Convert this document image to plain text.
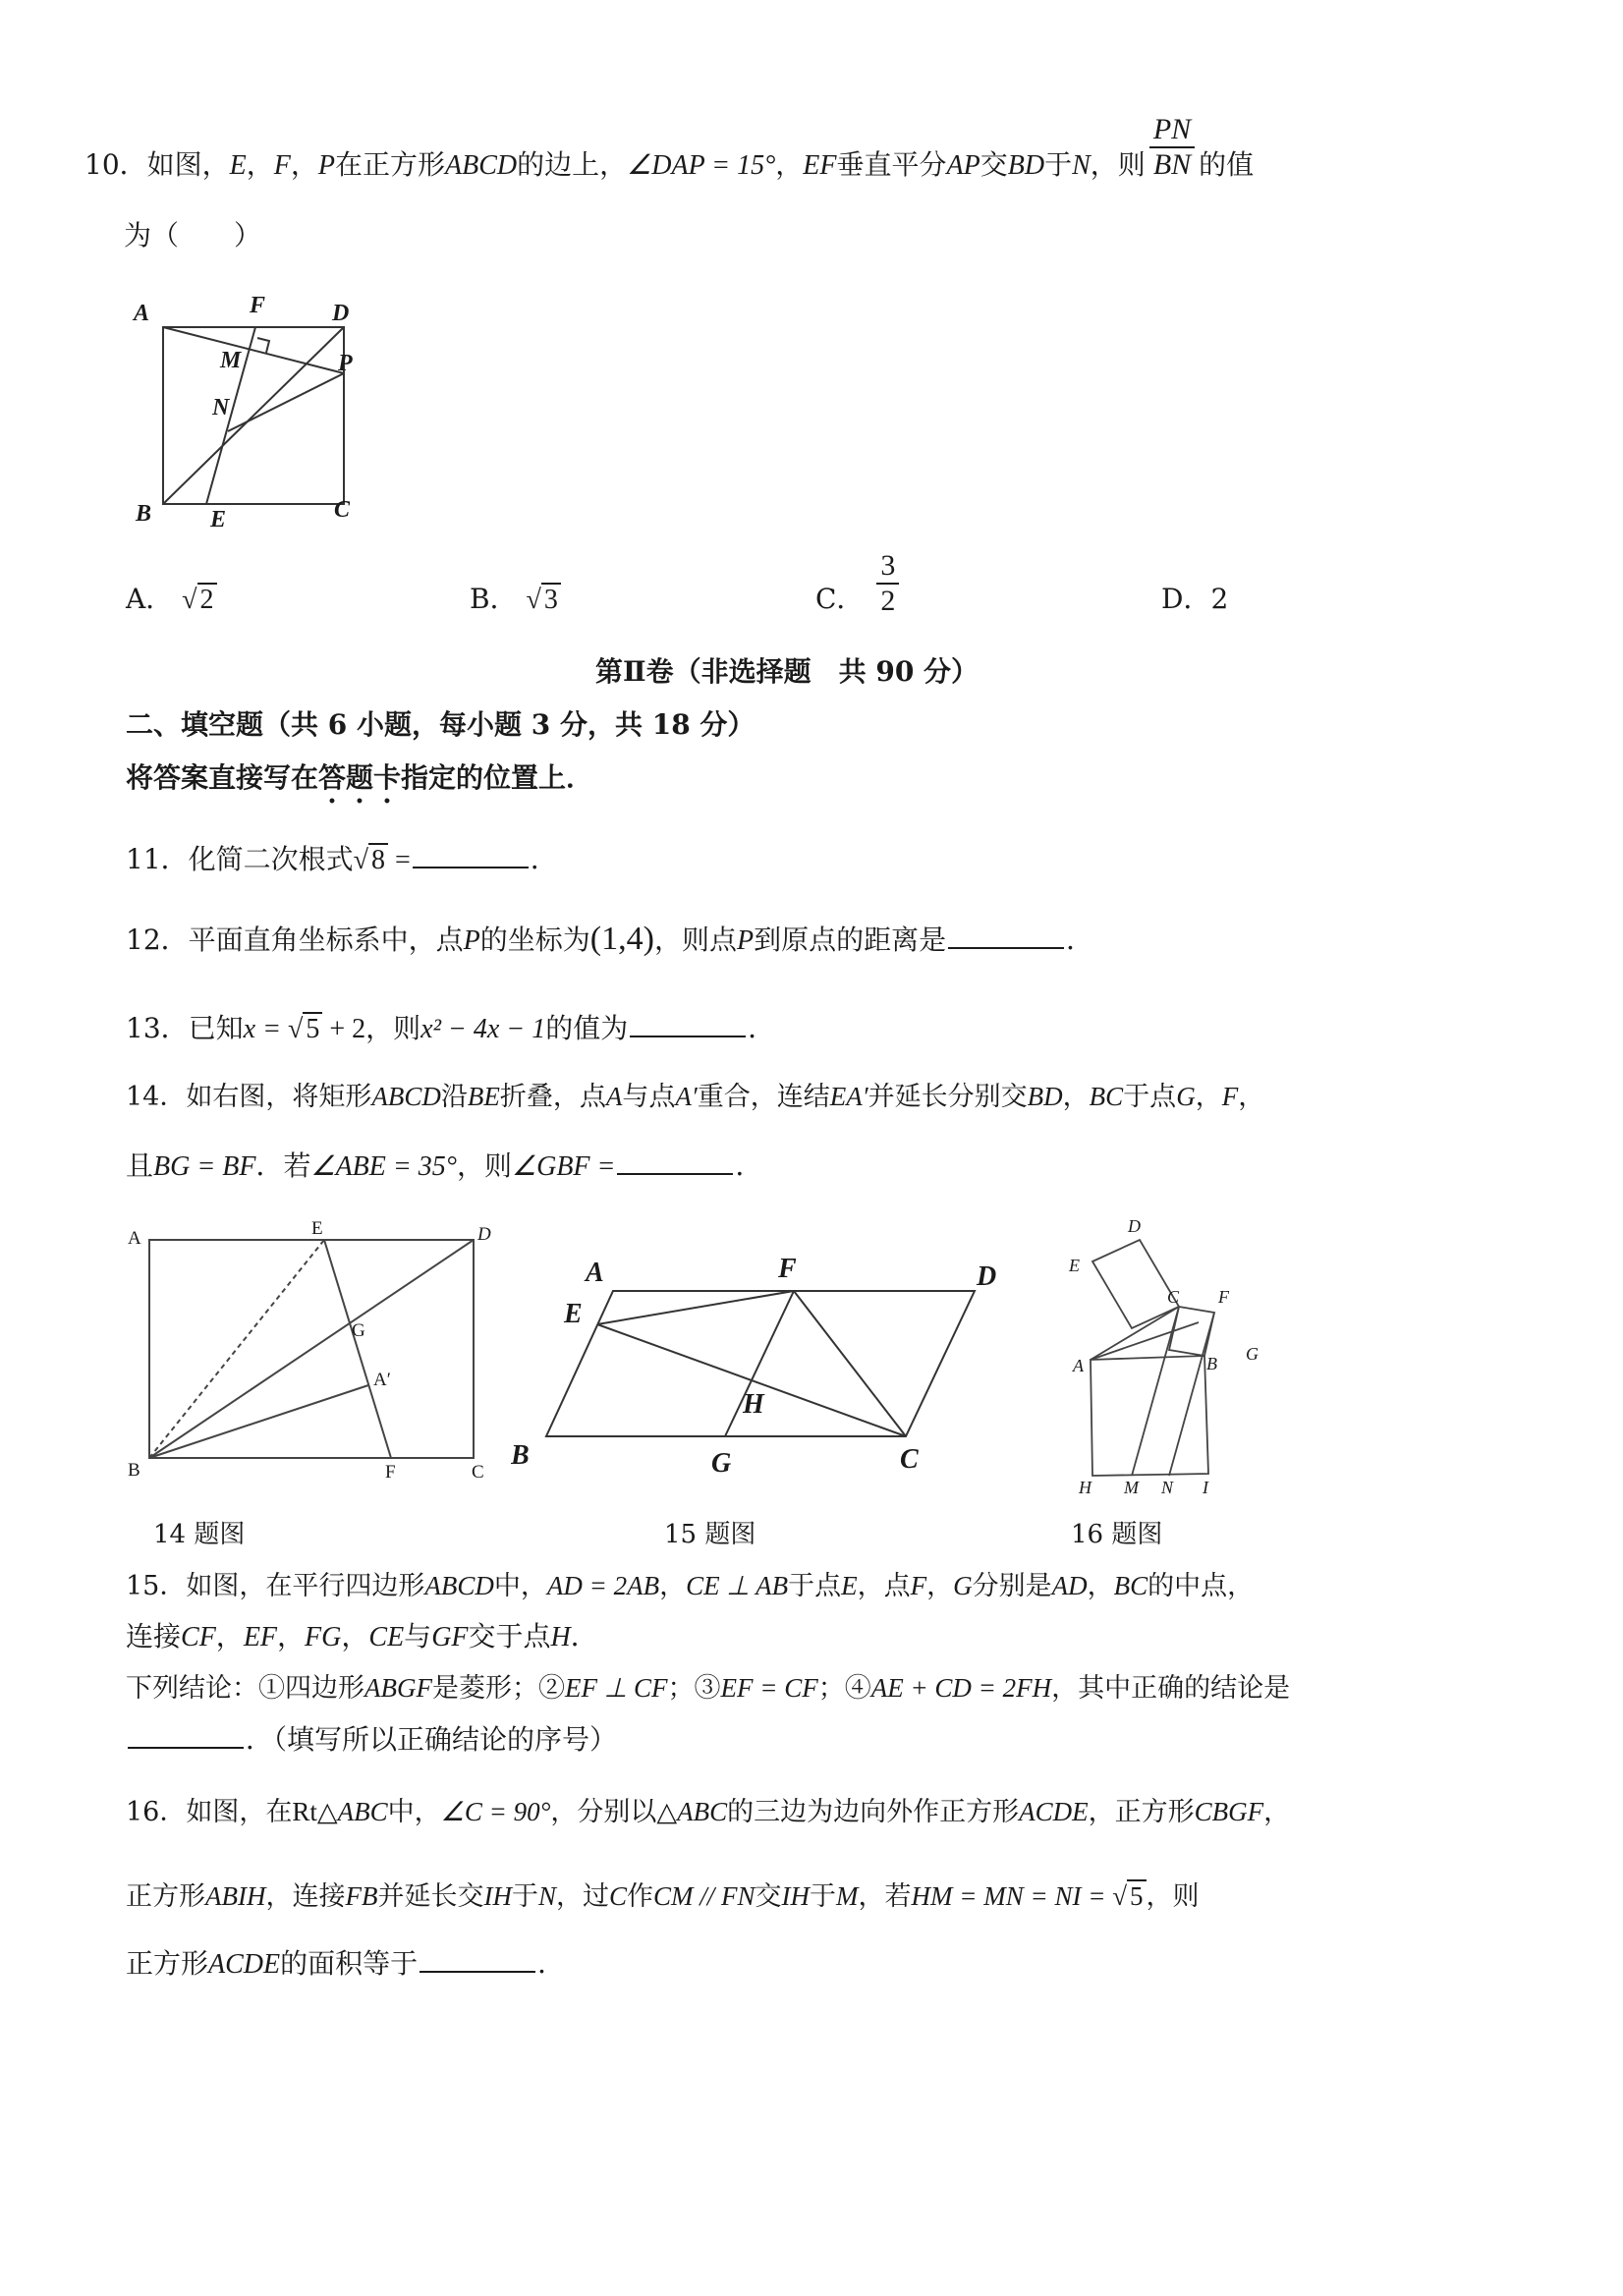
10．如图，E，F，P在正方形ABCD的边上，∠DAP = 15°，EF垂直平分AP交BD于N，则 $\frac{PN}{BN}$ 的值
为（　　）
A	F	D
M	P
N
B E	C
A． √ 2	B． √ 3	C． $\frac{3}{2}$	D．2
第Ⅱ卷（非选择题　共 90 分）
二、填空题（共 6 小题，每小题 3 分，共 18 分）
将答案直接写在答题卡指定的位置上．
11．化简二次根式√ 8 =	．
12．平面直角坐标系中，点P的坐标为(1,4)，则点P到原点的距离是	．
13．已知x = √ 5 + 2，则x² − 4x − 1的值为	．
14．如右图，将矩形ABCD沿BE折叠，点A与点A′重合，连结EA′并延长分别交BD，BC于点G，F，
且BG = BF．若∠ABE = 35°，则∠GBF =	．
A	E	D
G
A′
B	F	C
14 题图
A	F	D
E
H
B	G	C
15 题图
D
E
C F
A	B G
H M N I
16 题图
15．如图，在平行四边形ABCD中，AD = 2AB，CE ⊥ AB于点E，点F，G分别是AD，BC的中点，
连接CF，EF，FG，CE与GF交于点H．
下列结论：①四边形ABGF是菱形；②EF ⊥ CF；③EF = CF；④AE + CD = 2FH，其中正确的结论是
．（填写所以正确结论的序号）
16．如图，在Rt△ABC中，∠C = 90°，分别以△ABC的三边为边向外作正方形ACDE，正方形CBGF，
正方形ABIH，连接FB并延长交IH于N，过C作CM // FN交IH于M，若HM = MN = NI = √ 5 ，则
正方形ACDE的面积等于	．
